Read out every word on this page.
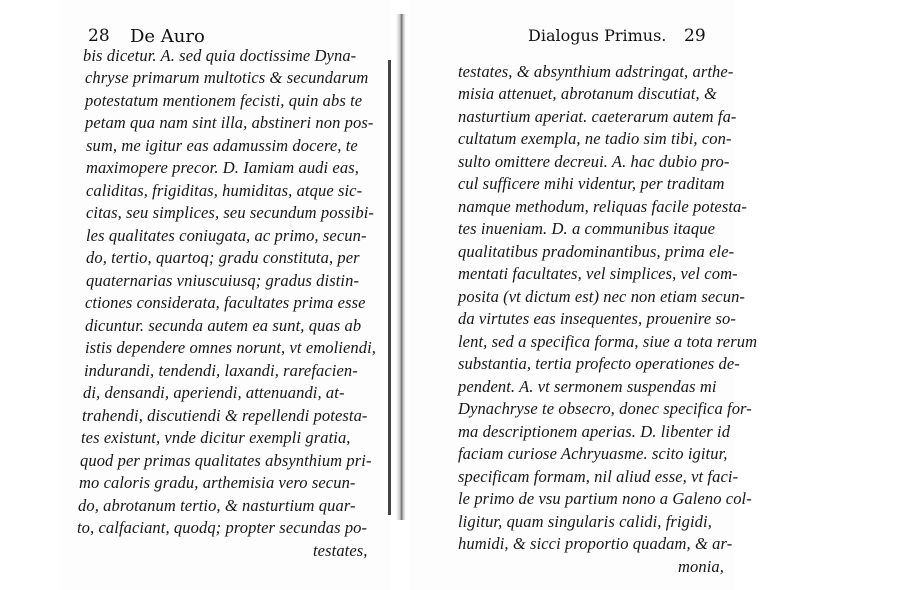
28 De Auro	Dialogus Primus. 29
bis dicetur. A. sed quia doctissime Dyna-
chryse primarum multotics & secundarum
potestatum mentionem fecisti, quin abs te
petam qua nam sint illa, abstineri non pos-
sum, me igitur eas adamussim docere, te
maximopere precor. D. Iamiam audi eas,
caliditas, frigiditas, humiditas, atque sic-
citas, seu simplices, seu secundum possibi-
les qualitates coniugata, ac primo, secun-
do, tertio, quartoq; gradu constituta, per
quaternarias vniuscuiusq; gradus distin-
ctiones considerata, facultates prima esse
dicuntur. secunda autem ea sunt, quas ab
istis dependere omnes norunt, vt emoliendi,
indurandi, tendendi, laxandi, rarefacien-
di, densandi, aperiendi, attenuandi, at-
trahendi, discutiendi & repellendi potesta-
tes existunt, vnde dicitur exempli gratia,
quod per primas qualitates absynthium pri-
mo caloris gradu, arthemisia vero secun-
do, abrotanum tertio, & nasturtium quar-
to, calfaciant, quodq; propter secundas po-
testates,
testates, & absynthium adstringat, arthe-
misia attenuet, abrotanum discutiat, &
nasturtium aperiat. caeterarum autem fa-
cultatum exempla, ne tadio sim tibi, con-
sulto omittere decreui. A. hac dubio pro-
cul sufficere mihi videntur, per traditam
namque methodum, reliquas facile potesta-
tes inueniam. D. a communibus itaque
qualitatibus pradominantibus, prima ele-
mentati facultates, vel simplices, vel com-
posita (vt dictum est) nec non etiam secun-
da virtutes eas insequentes, prouenire so-
lent, sed a specifica forma, siue a tota rerum
substantia, tertia profecto operationes de-
pendent. A. vt sermonem suspendas mi
Dynachryse te obsecro, donec specifica for-
ma descriptionem aperias. D. libenter id
faciam curiose Achryuasme. scito igitur,
specificam formam, nil aliud esse, vt faci-
le primo de vsu partium nono a Galeno col-
ligitur, quam singularis calidi, frigidi,
humidi, & sicci proportio quadam, & ar-
monia,
